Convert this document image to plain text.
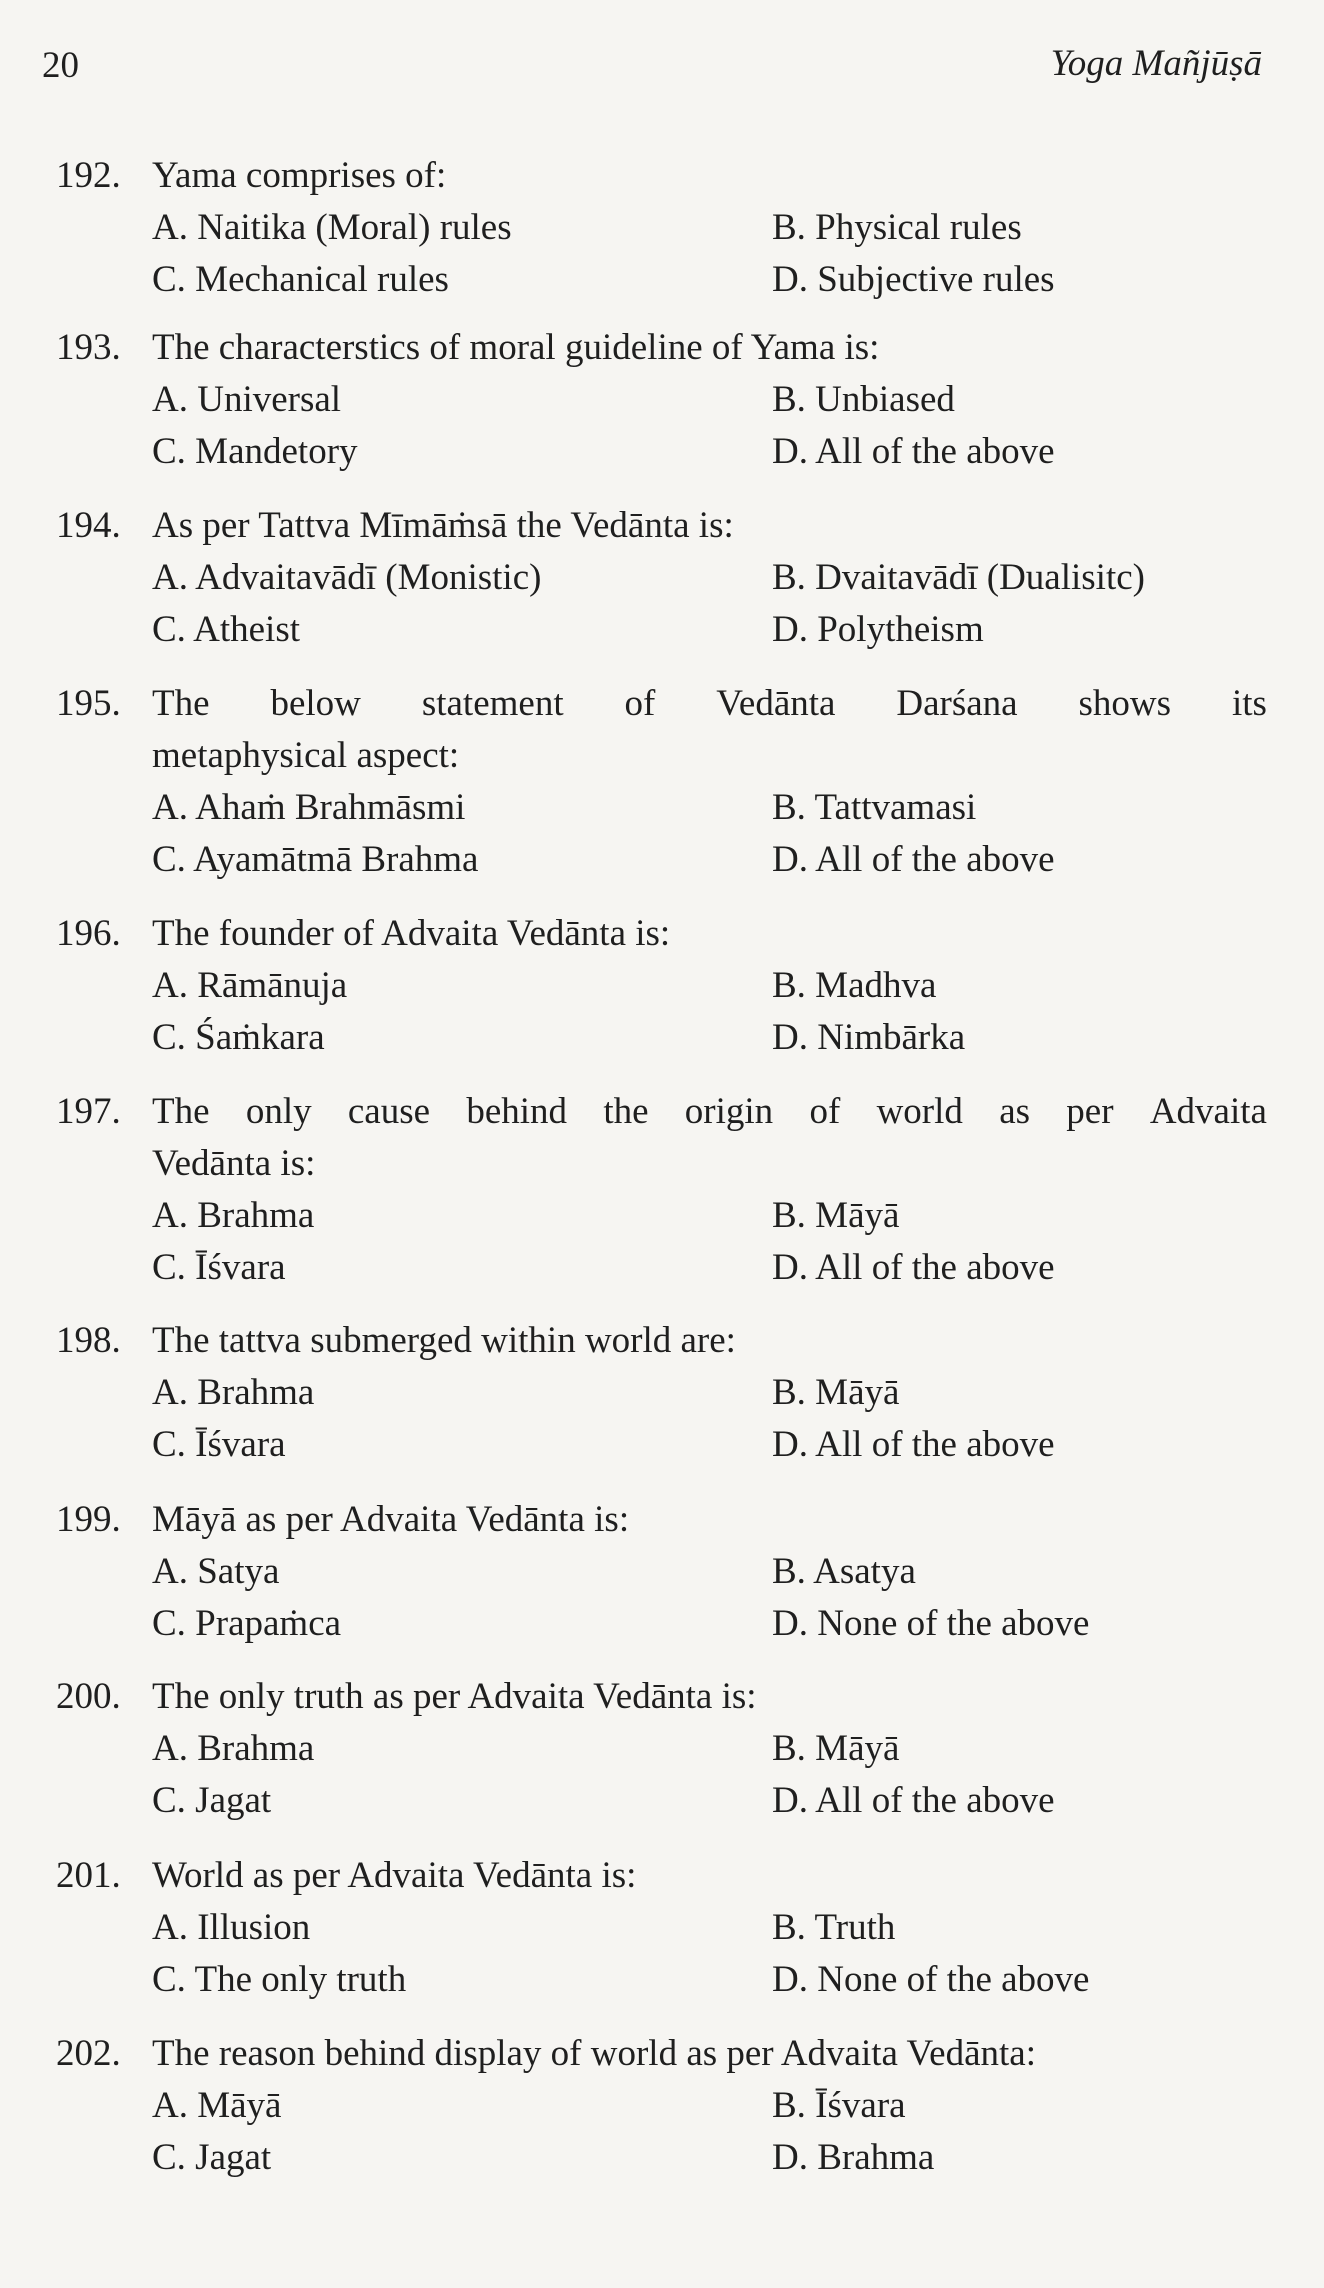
20	Yoga Mañjūṣā
192. Yama comprises of:
A. Naitika (Moral) rules	B. Physical rules
C. Mechanical rules	D. Subjective rules
193. The characterstics of moral guideline of Yama is:
A. Universal	B. Unbiased
C. Mandetory	D. All of the above
194. As per Tattva Mīmāṁsā the Vedānta is:
A. Advaitavādī (Monistic)	B. Dvaitavādī (Dualisitc)
C. Atheist	D. Polytheism
195. The below statement of Vedānta Darśana shows its
metaphysical aspect:
A. Ahaṁ Brahmāsmi	B. Tattvamasi
C. Ayamātmā Brahma	D. All of the above
196. The founder of Advaita Vedānta is:
A. Rāmānuja	B. Madhva
C. Śaṁkara	D. Nimbārka
197. The only cause behind the origin of world as per Advaita
Vedānta is:
A. Brahma	B. Māyā
C. Īśvara	D. All of the above
198. The tattva submerged within world are:
A. Brahma	B. Māyā
C. Īśvara	D. All of the above
199. Māyā as per Advaita Vedānta is:
A. Satya	B. Asatya
C. Prapaṁca	D. None of the above
200. The only truth as per Advaita Vedānta is:
A. Brahma	B. Māyā
C. Jagat	D. All of the above
201. World as per Advaita Vedānta is:
A. Illusion	B. Truth
C. The only truth	D. None of the above
202. The reason behind display of world as per Advaita Vedānta:
A. Māyā	B. Īśvara
C. Jagat	D. Brahma
